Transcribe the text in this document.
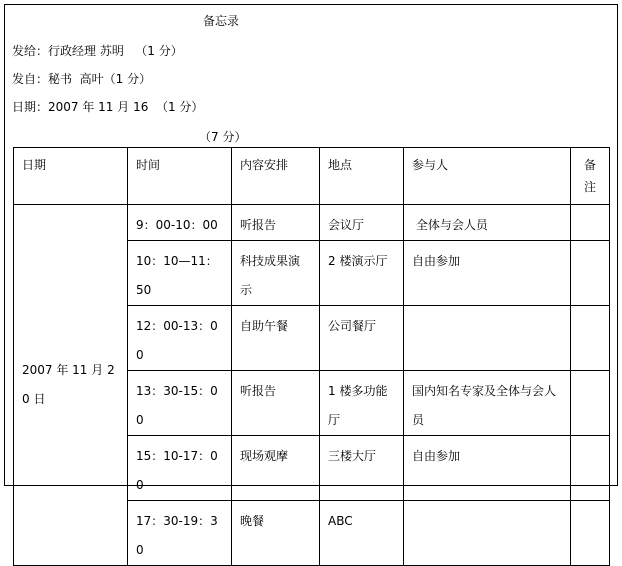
备忘录
发给：行政经理 苏明   （1 分）
发自：秘书  高叶（1 分）
日期：2007 年 11 月 16  （1 分）
（7 分）
日期	时间	内容安排	地点	参与人	备注
2007 年 11 月 20 日	9：00-10：00	听报告	会议厅	全体与会人员	
	10：10—11：50	科技成果演示	2 楼演示厅	自由参加	
	12：00-13：00	自助午餐	公司餐厅		
	13：30-15：00	听报告	1 楼多功能厅	国内知名专家及全体与会人员	
	15：10-17：00	现场观摩	三楼大厅	自由参加	
	17：30-19：30	晚餐	ABC		
